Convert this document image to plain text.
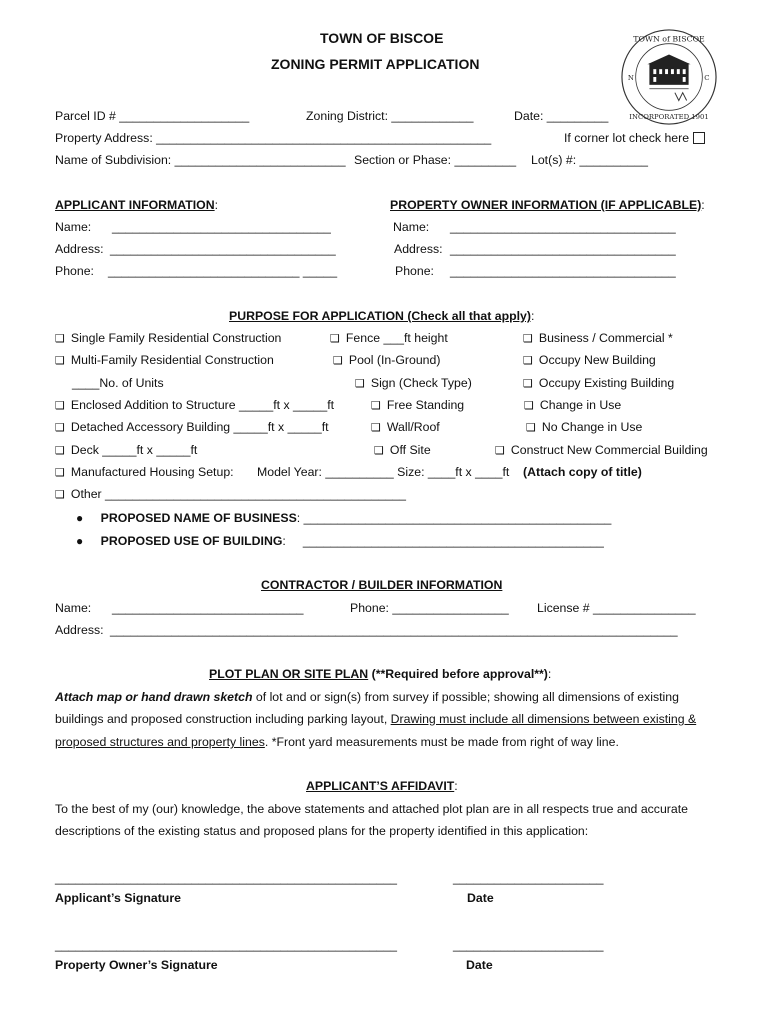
TOWN OF BISCOE
ZONING PERMIT APPLICATION
TOWN of BISCOE
N	C
INCORPORATED 1901
Parcel ID # ___________________	Zoning District: ____________	Date: _________
Property Address: _________________________________________________	If corner lot check here
Name of Subdivision: _________________________ Section or Phase: _________ Lot(s) #: __________
APPLICANT INFORMATION:
Name: ________________________________
Address: _________________________________
Phone: ____________________________ _____
PROPERTY OWNER INFORMATION (IF APPLICABLE):
Name: _________________________________
Address: _________________________________
Phone: _________________________________
PURPOSE FOR APPLICATION (Check all that apply):
❑ Single Family Residential Construction
❑ Multi-Family Residential Construction
____No. of Units
❑ Enclosed Addition to Structure _____ft x _____ft
❑ Detached Accessory Building _____ft x _____ft
❑ Deck _____ft x _____ft
❑ Manufactured Housing Setup: Model Year: __________ Size: ____ft x ____ft (Attach copy of title)
❑ Other ____________________________________________
❑ Fence ___ft height
❑ Pool (In-Ground)
❑ Sign (Check Type)
❑ Free Standing
❑ Wall/Roof
❑ Off Site
❑ Business / Commercial *
❑ Occupy New Building
❑ Occupy Existing Building
❑ Change in Use
❑ No Change in Use
❑ Construct New Commercial Building
● PROPOSED NAME OF BUSINESS: _____________________________________________
● PROPOSED USE OF BUILDING:     ____________________________________________
CONTRACTOR / BUILDER INFORMATION
Name: ____________________________	Phone: _________________ License # _______________
Address: ___________________________________________________________________________________
PLOT PLAN OR SITE PLAN (**Required before approval**):
Attach map or hand drawn sketch of lot and or sign(s) from survey if possible; showing all dimensions of existing
buildings and proposed construction including parking layout, Drawing must include all dimensions between existing &
proposed structures and property lines. *Front yard measurements must be made from right of way line.
APPLICANT’S AFFIDAVIT:
To the best of my (our) knowledge, the above statements and attached plot plan are in all respects true and accurate
descriptions of the existing status and proposed plans for the property identified in this application:
__________________________________________________	______________________
Applicant’s Signature	Date
__________________________________________________	______________________
Property Owner’s Signature	Date
